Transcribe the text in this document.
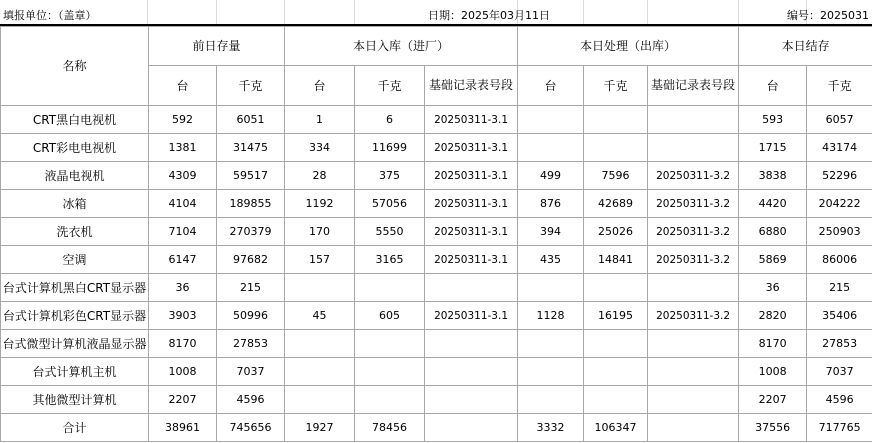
填报单位：（盖章）	日期：2025年03月11日	编号：2025031
名称	前日存量		本日入库（进厂）			本日处理（出库）			本日结存	
	台	千克	台	千克	基础记录表号段	台	千克	基础记录表号段	台	千克
CRT黑白电视机	592	6051	1	6	20250311-3.1				593	6057
CRT彩电电视机	1381	31475	334	11699	20250311-3.1				1715	43174
液晶电视机	4309	59517	28	375	20250311-3.1	499	7596	20250311-3.2	3838	52296
冰箱	4104	189855	1192	57056	20250311-3.1	876	42689	20250311-3.2	4420	204222
洗衣机	7104	270379	170	5550	20250311-3.1	394	25026	20250311-3.2	6880	250903
空调	6147	97682	157	3165	20250311-3.1	435	14841	20250311-3.2	5869	86006
台式计算机黑白CRT显示器	36	215							36	215
台式计算机彩色CRT显示器	3903	50996	45	605	20250311-3.1	1128	16195	20250311-3.2	2820	35406
台式微型计算机液晶显示器	8170	27853							8170	27853
台式计算机主机	1008	7037							1008	7037
其他微型计算机	2207	4596							2207	4596
合计	38961	745656	1927	78456		3332	106347		37556	717765
